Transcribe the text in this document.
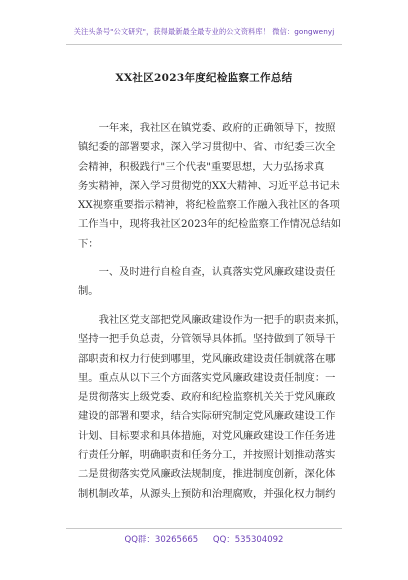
关注头条号"公文研究"，获得最新最全最专业的公文资料库！ 微信：gongwenyj
XX社区2023年度纪检监察工作总结
　　一年来，我社区在镇党委、政府的正确领导下，按照
镇纪委的部署要求，深入学习贯彻中、省、市纪委三次全
会精神，积极践行"三个代表"重要思想，大力弘扬求真
务实精神，深入学习贯彻党的XX大精神、习近平总书记未
XX视察重要指示精神，将纪检监察工作融入我社区的各项
工作当中，现将我社区2023年的纪检监察工作情况总结如
下：
　　一、及时进行自检自查，认真落实党风廉政建设责任
制。
　　我社区党支部把党风廉政建设作为一把手的职责来抓，
坚持一把手负总责，分管领导具体抓。坚持做到了领导干
部职责和权力行使到哪里，党风廉政建设责任制就落在哪
里。重点从以下三个方面落实党风廉政建设责任制度：一
是贯彻落实上级党委、政府和纪检监察机关关于党风廉政
建设的部署和要求，结合实际研究制定党风廉政建设工作
计划、目标要求和具体措施，对党风廉政建设工作任务进
行责任分解，明确职责和任务分工，并按照计划推动落实
二是贯彻落实党风廉政法规制度，推进制度创新，深化体
制机制改革，从源头上预防和治理腐败，并强化权力制约
QQ群：30265665 QQ：535304092
